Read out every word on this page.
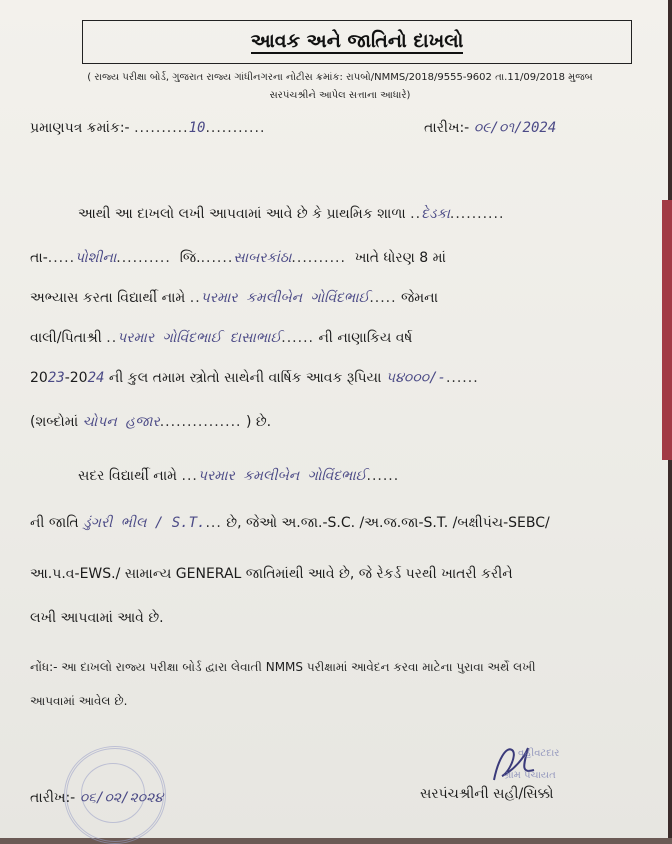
આવક અને જાતિનો દાખલો
( રાજ્ય પરીક્ષા બોર્ડ, ગુજરાત રાજ્ય ગાંધીનગરના નોટીસ ક્રમાંક: રાપબો/NMMS/2018/9555-9602 તા.11/09/2018 મુજબ
સરપંચશ્રીને આપેલ સત્તાના આધારે)
પ્રમાણપત્ર ક્રમાંક:- ..........10...........	તારીખ:- ૦૯/૦૧/2024
આથી આ દાખલો લખી આપવામાં આવે છે કે પ્રાથમિક શાળા ..દેડકા..........
તા-.....પોશીના.......... જિ.......સાબરકાંઠા.......... ખાતે ધોરણ 8 માં
અભ્યાસ કરતા વિદ્યાર્થી નામે ..પરમાર કમલીબેન ગોવિંદભાઈ..... જેમના
વાલી/પિતાશ્રી ..પરમાર ગોવિંદભાઈ દાસાભાઈ...... ની નાણાકિય વર્ષ
2023-2024 ની કુલ તમામ સ્ત્રોતો સાથેની વાર્ષિક આવક રૂપિયા ૫૪૦૦૦/-......
(શબ્દોમાં ચોપન હજાર............... ) છે.
સદર વિદ્યાર્થી નામે ...પરમાર કમલીબેન ગોવિંદભાઈ......
ની જાતિ ડુંગરી ભીલ / S.T.... છે, જેઓ અ.જા.-S.C. /અ.જ.જા-S.T. /બક્ષીપંચ-SEBC/
આ.પ.વ-EWS./ સામાન્ય GENERAL જાતિમાંથી આવે છે, જે રેકર્ડ પરથી ખાતરી કરીને
લખી આપવામાં આવે છે.
નોંધ:- આ દાખલો રાજ્ય પરીક્ષા બોર્ડ દ્વારા લેવાતી NMMS પરીક્ષામાં આવેદન કરવા માટેના પુરાવા અર્થે લખી
આપવામાં આવેલ છે.
વહીવટદાર
ગ્રામ પંચાયત
તારીખ:- ૦૬/૦૨/૨૦૨૪	સરપંચશ્રીની સહી/સિક્કો
